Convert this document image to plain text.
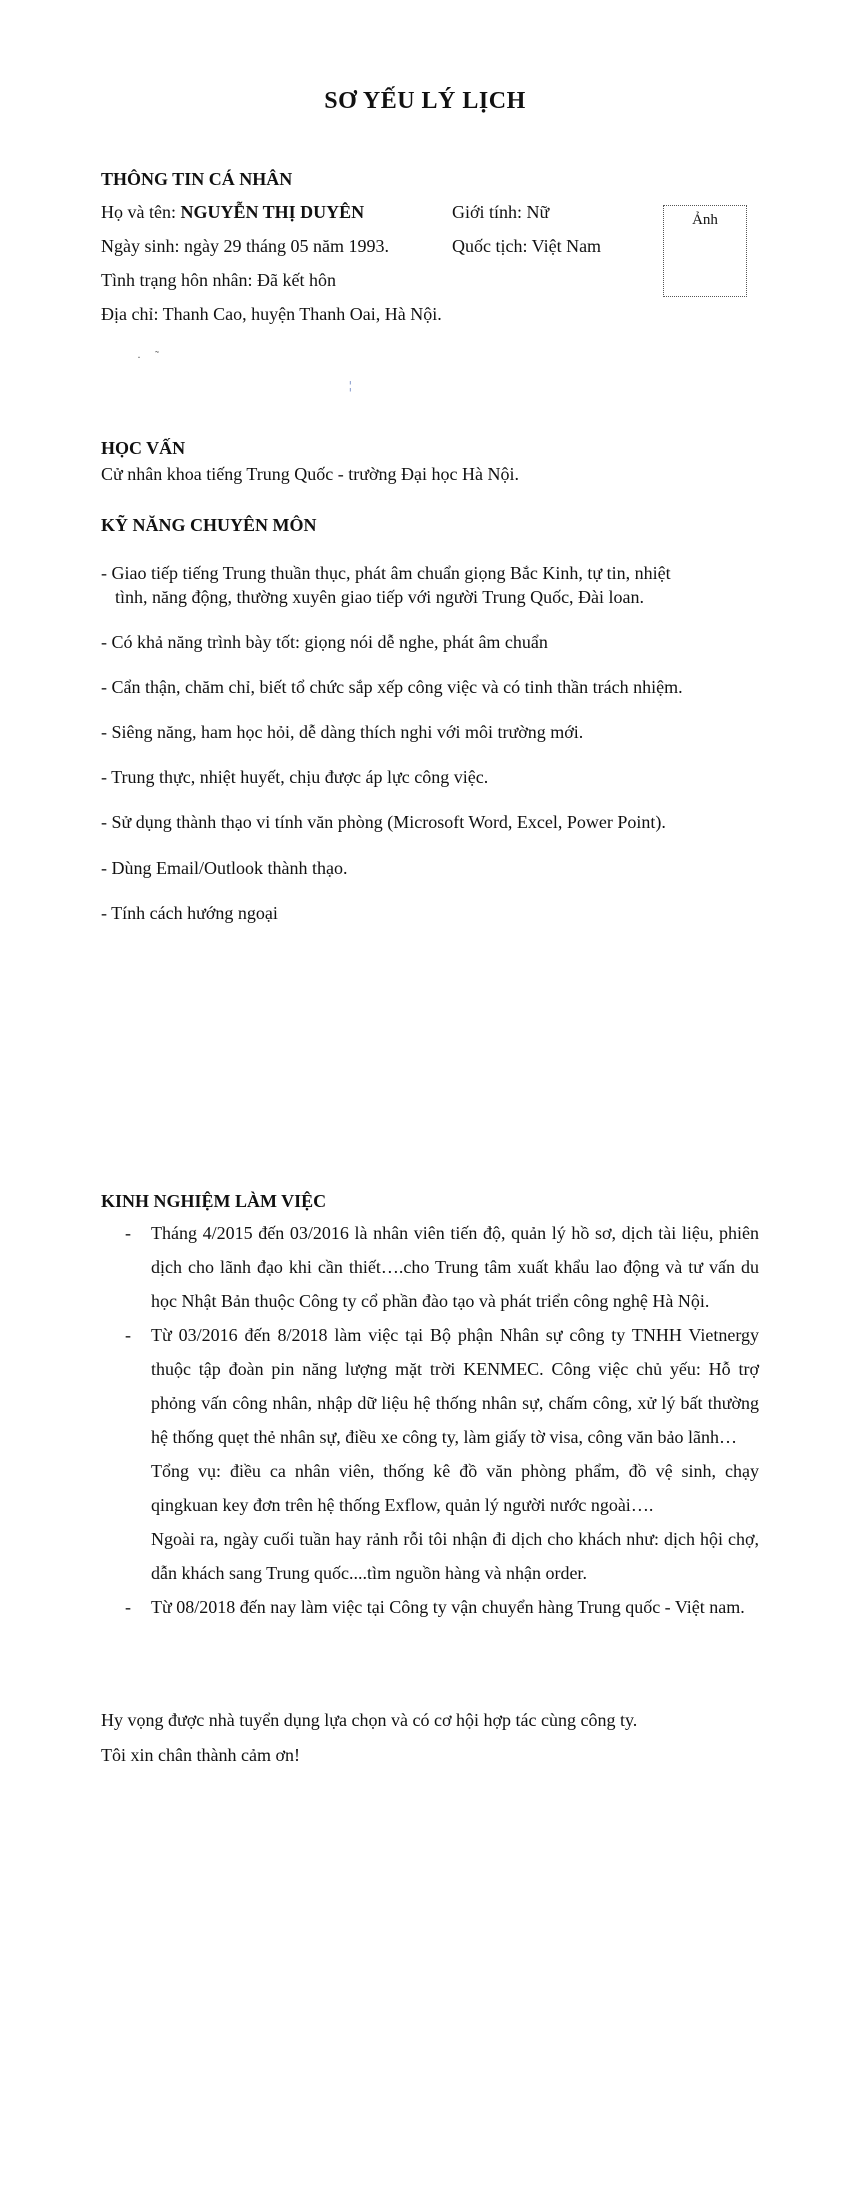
SƠ YẾU LÝ LỊCH
THÔNG TIN CÁ NHÂN
Họ và tên: NGUYỄN THỊ DUYÊN	Giới tính: Nữ
Ngày sinh: ngày 29 tháng 05 năm 1993.	Quốc tịch: Việt Nam
Tình trạng hôn nhân: Đã kết hôn
Địa chỉ: Thanh Cao, huyện Thanh Oai, Hà Nội.
Ảnh
· ˜
¦
HỌC VẤN
Cử nhân khoa tiếng Trung Quốc - trường Đại học Hà Nội.
KỸ NĂNG CHUYÊN MÔN
- Giao tiếp tiếng Trung thuần thục, phát âm chuẩn giọng Bắc Kinh, tự tin, nhiệt
tình, năng động, thường xuyên giao tiếp với người Trung Quốc, Đài loan.
- Có khả năng trình bày tốt: giọng nói dễ nghe, phát âm chuẩn
- Cẩn thận, chăm chỉ, biết tổ chức sắp xếp công việc và có tinh thần trách nhiệm.
- Siêng năng, ham học hỏi, dễ dàng thích nghi với môi trường mới.
- Trung thực, nhiệt huyết, chịu được áp lực công việc.
- Sử dụng thành thạo vi tính văn phòng (Microsoft Word, Excel, Power Point).
- Dùng Email/Outlook thành thạo.
- Tính cách hướng ngoại
KINH NGHIỆM LÀM VIỆC
- Tháng 4/2015 đến 03/2016 là nhân viên tiến độ, quản lý hồ sơ, dịch tài liệu, phiên dịch cho lãnh đạo khi cần thiết….cho Trung tâm xuất khẩu lao động và tư vấn du học Nhật Bản thuộc Công ty cổ phần đào tạo và phát triển công nghệ Hà Nội.
- Từ 03/2016 đến 8/2018 làm việc tại Bộ phận Nhân sự công ty TNHH Vietnergy thuộc tập đoàn pin năng lượng mặt trời KENMEC. Công việc chủ yếu: Hỗ trợ phỏng vấn công nhân, nhập dữ liệu hệ thống nhân sự, chấm công, xử lý bất thường hệ thống quẹt thẻ nhân sự, điều xe công ty, làm giấy tờ visa, công văn bảo lãnh…
Tổng vụ: điều ca nhân viên, thống kê đồ văn phòng phẩm, đồ vệ sinh, chạy qingkuan key đơn trên hệ thống Exflow, quản lý người nước ngoài….
Ngoài ra, ngày cuối tuần hay rảnh rỗi tôi nhận đi dịch cho khách như: dịch hội chợ, dẫn khách sang Trung quốc....tìm nguồn hàng và nhận order.
- Từ 08/2018 đến nay làm việc tại Công ty vận chuyển hàng Trung quốc - Việt nam.
Hy vọng được nhà tuyển dụng lựa chọn và có cơ hội hợp tác cùng công ty.
Tôi xin chân thành cảm ơn!
